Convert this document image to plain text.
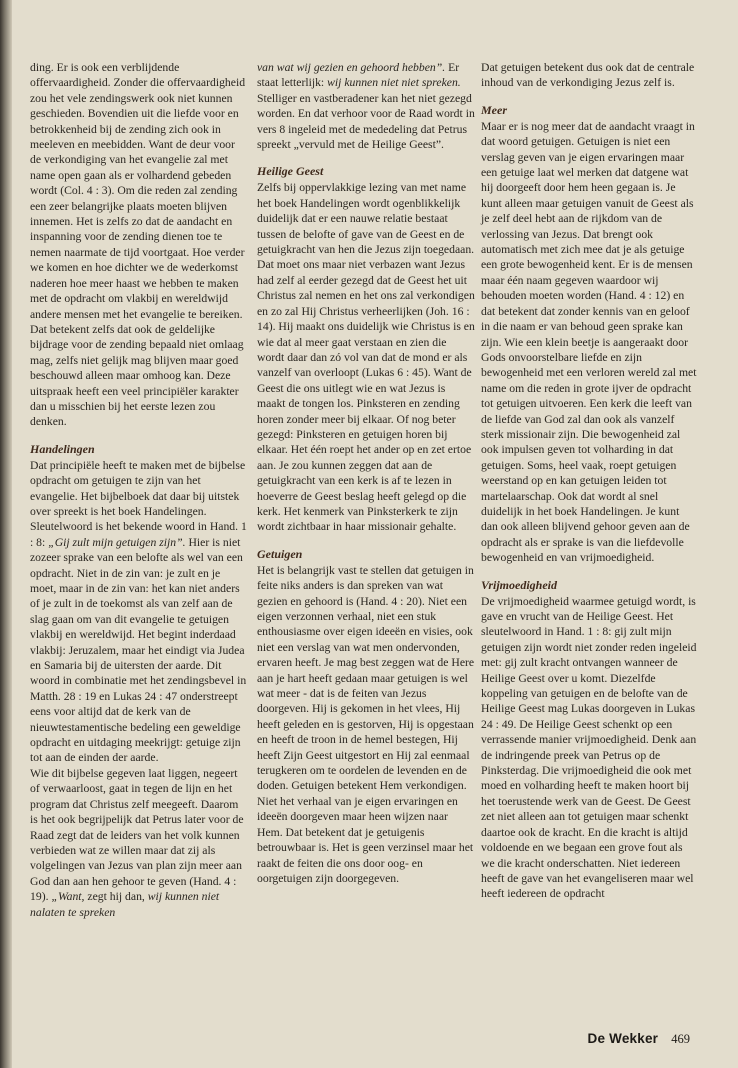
ding. Er is ook een verblijdende offervaardigheid. Zonder die offervaardigheid zou het vele zendingswerk ook niet kunnen geschieden. Bovendien uit die liefde voor en betrokkenheid bij de zending zich ook in meeleven en meebidden. Want de deur voor de verkondiging van het evangelie zal met name open gaan als er volhardend gebeden wordt (Col. 4 : 3). Om die reden zal zending een zeer belangrijke plaats moeten blijven innemen. Het is zelfs zo dat de aandacht en inspanning voor de zending dienen toe te nemen naarmate de tijd voortgaat. Hoe verder we komen en hoe dichter we de wederkomst naderen hoe meer haast we hebben te maken met de opdracht om vlakbij en wereldwijd andere mensen met het evangelie te bereiken. Dat betekent zelfs dat ook de geldelijke bijdrage voor de zending bepaald niet omlaag mag, zelfs niet gelijk mag blijven maar goed beschouwd alleen maar omhoog kan. Deze uitspraak heeft een veel principiëler karakter dan u misschien bij het eerste lezen zou denken.

Handelingen

Dat principiële heeft te maken met de bijbelse opdracht om getuigen te zijn van het evangelie. Het bijbelboek dat daar bij uitstek over spreekt is het boek Handelingen. Sleutelwoord is het bekende woord in Hand. 1 : 8: „Gij zult mijn getuigen zijn”. Hier is niet zozeer sprake van een belofte als wel van een opdracht. Niet in de zin van: je zult en je moet, maar in de zin van: het kan niet anders of je zult in de toekomst als van zelf aan de slag gaan om van dit evangelie te getuigen vlakbij en wereldwijd. Het begint inderdaad vlakbij: Jeruzalem, maar het eindigt via Judea en Samaria bij de uitersten der aarde. Dit woord in combinatie met het zendingsbevel in Matth. 28 : 19 en Lukas 24 : 47 onderstreept eens voor altijd dat de kerk van de nieuwtestamentische bedeling een geweldige opdracht en uitdaging meekrijgt: getuige zijn tot aan de einden der aarde.

Wie dit bijbelse gegeven laat liggen, negeert of verwaarloost, gaat in tegen de lijn en het program dat Christus zelf meegeeft. Daarom is het ook begrijpelijk dat Petrus later voor de Raad zegt dat de leiders van het volk kunnen verbieden wat ze willen maar dat zij als volgelingen van Jezus van plan zijn meer aan God dan aan hen gehoor te geven (Hand. 4 : 19). „Want, zegt hij dan, wij kunnen niet nalaten te spreken

van wat wij gezien en gehoord hebben”. Er staat letterlijk: wij kunnen niet niet spreken. Stelliger en vastberadener kan het niet gezegd worden. En dat verhoor voor de Raad wordt in vers 8 ingeleid met de mededeling dat Petrus spreekt „vervuld met de Heilige Geest”.

Heilige Geest

Zelfs bij oppervlakkige lezing van met name het boek Handelingen wordt ogenblikkelijk duidelijk dat er een nauwe relatie bestaat tussen de belofte of gave van de Geest en de getuigkracht van hen die Jezus zijn toegedaan. Dat moet ons maar niet verbazen want Jezus had zelf al eerder gezegd dat de Geest het uit Christus zal nemen en het ons zal verkondigen en zo zal Hij Christus verheerlijken (Joh. 16 : 14). Hij maakt ons duidelijk wie Christus is en wie dat al meer gaat verstaan en zien die wordt daar dan zó vol van dat de mond er als vanzelf van overloopt (Lukas 6 : 45). Want de Geest die ons uitlegt wie en wat Jezus is maakt de tongen los. Pinksteren en zending horen zonder meer bij elkaar. Of nog beter gezegd: Pinksteren en getuigen horen bij elkaar. Het één roept het ander op en zet ertoe aan. Je zou kunnen zeggen dat aan de getuigkracht van een kerk is af te lezen in hoeverre de Geest beslag heeft gelegd op die kerk. Het kenmerk van Pinksterkerk te zijn wordt zichtbaar in haar missionair gehalte.

Getuigen

Het is belangrijk vast te stellen dat getuigen in feite niks anders is dan spreken van wat gezien en gehoord is (Hand. 4 : 20). Niet een eigen verzonnen verhaal, niet een stuk enthousiasme over eigen ideeën en visies, ook niet een verslag van wat men ondervonden, ervaren heeft. Je mag best zeggen wat de Here aan je hart heeft gedaan maar getuigen is wel wat meer - dat is de feiten van Jezus doorgeven. Hij is gekomen in het vlees, Hij heeft geleden en is gestorven, Hij is opgestaan en heeft de troon in de hemel bestegen, Hij heeft Zijn Geest uitgestort en Hij zal eenmaal terugkeren om te oordelen de levenden en de doden. Getuigen betekent Hem verkondigen. Niet het verhaal van je eigen ervaringen en ideeën doorgeven maar heen wijzen naar Hem. Dat betekent dat je getuigenis betrouwbaar is. Het is geen verzinsel maar het raakt de feiten die ons door oog- en oorgetuigen zijn doorgegeven.

Dat getuigen betekent dus ook dat de centrale inhoud van de verkondiging Jezus zelf is.

Meer

Maar er is nog meer dat de aandacht vraagt in dat woord getuigen. Getuigen is niet een verslag geven van je eigen ervaringen maar een getuige laat wel merken dat datgene wat hij doorgeeft door hem heen gegaan is. Je kunt alleen maar getuigen vanuit de Geest als je zelf deel hebt aan de rijkdom van de verlossing van Jezus. Dat brengt ook automatisch met zich mee dat je als getuige een grote bewogenheid kent. Er is de mensen maar één naam gegeven waardoor wij behouden moeten worden (Hand. 4 : 12) en dat betekent dat zonder kennis van en geloof in die naam er van behoud geen sprake kan zijn. Wie een klein beetje is aangeraakt door Gods onvoorstelbare liefde en zijn bewogenheid met een verloren wereld zal met name om die reden in grote ijver de opdracht tot getuigen uitvoeren. Een kerk die leeft van de liefde van God zal dan ook als vanzelf sterk missionair zijn. Die bewogenheid zal ook impulsen geven tot volharding in dat getuigen. Soms, heel vaak, roept getuigen weerstand op en kan getuigen leiden tot martelaarschap. Ook dat wordt al snel duidelijk in het boek Handelingen. Je kunt dan ook alleen blijvend gehoor geven aan de opdracht als er sprake is van die liefdevolle bewogenheid en van vrijmoedigheid.

Vrijmoedigheid

De vrijmoedigheid waarmee getuigd wordt, is gave en vrucht van de Heilige Geest. Het sleutelwoord in Hand. 1 : 8: gij zult mijn getuigen zijn wordt niet zonder reden ingeleid met: gij zult kracht ontvangen wanneer de Heilige Geest over u komt. Diezelfde koppeling van getuigen en de belofte van de Heilige Geest mag Lukas doorgeven in Lukas 24 : 49. De Heilige Geest schenkt op een verrassende manier vrijmoedigheid. Denk aan de indringende preek van Petrus op de Pinksterdag. Die vrijmoedigheid die ook met moed en volharding heeft te maken hoort bij het toerustende werk van de Geest. De Geest zet niet alleen aan tot getuigen maar schenkt daartoe ook de kracht. En die kracht is altijd voldoende en we begaan een grove fout als we die kracht onderschatten. Niet iedereen heeft de gave van het evangeliseren maar wel heeft iedereen de opdracht

De Wekker 469
